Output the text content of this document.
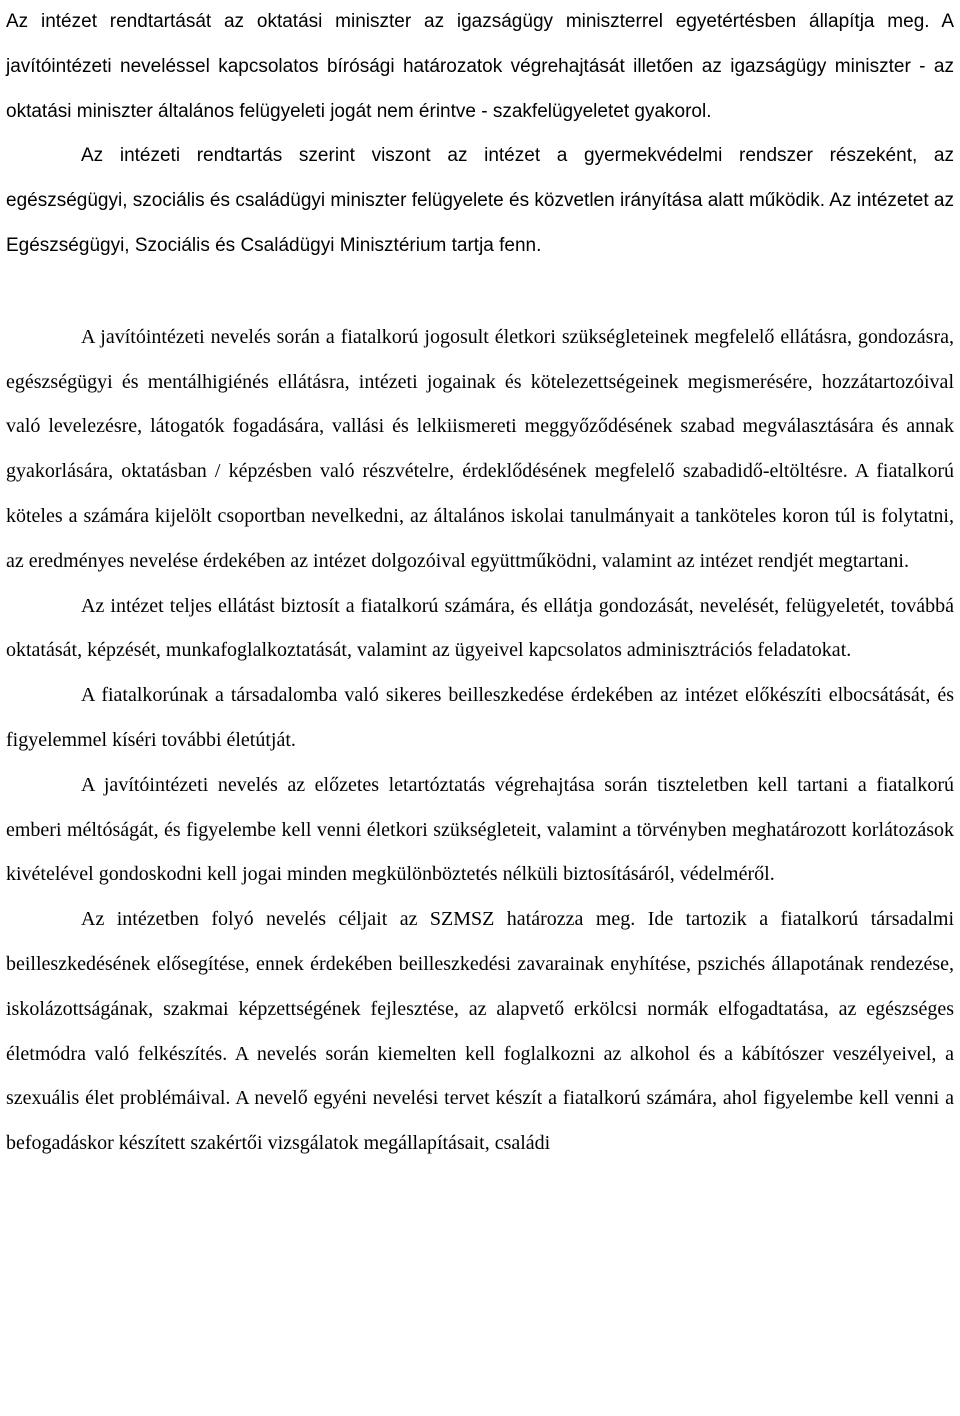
Az intézet rendtartását az oktatási miniszter az igazságügy miniszterrel egyetértésben állapítja meg. A javítóintézeti neveléssel kapcsolatos bírósági határozatok végrehajtását illetően az igazságügy miniszter - az oktatási miniszter általános felügyeleti jogát nem érintve - szakfelügyeletet gyakorol.

Az intézeti rendtartás szerint viszont az intézet a gyermekvédelmi rendszer részeként, az egészségügyi, szociális és családügyi miniszter felügyelete és közvetlen irányítása alatt működik. Az intézetet az Egészségügyi, Szociális és Családügyi Minisztérium tartja fenn.

A javítóintézeti nevelés során a fiatalkorú jogosult életkori szükségleteinek megfelelő ellátásra, gondozásra, egészségügyi és mentálhigiénés ellátásra, intézeti jogainak és kötelezettségeinek megismerésére, hozzátartozóival való levelezésre, látogatók fogadására, vallási és lelkiismereti meggyőződésének szabad megválasztására és annak gyakorlására, oktatásban / képzésben való részvételre, érdeklődésének megfelelő szabadidő-eltöltésre. A fiatalkorú köteles a számára kijelölt csoportban nevelkedni, az általános iskolai tanulmányait a tanköteles koron túl is folytatni, az eredményes nevelése érdekében az intézet dolgozóival együttműködni, valamint az intézet rendjét megtartani.

Az intézet teljes ellátást biztosít a fiatalkorú számára, és ellátja gondozását, nevelését, felügyeletét, továbbá oktatását, képzését, munkafoglalkoztatását, valamint az ügyeivel kapcsolatos adminisztrációs feladatokat.

A fiatalkorúnak a társadalomba való sikeres beilleszkedése érdekében az intézet előkészíti elbocsátását, és figyelemmel kíséri további életútját.

A javítóintézeti nevelés az előzetes letartóztatás végrehajtása során tiszteletben kell tartani a fiatalkorú emberi méltóságát, és figyelembe kell venni életkori szükségleteit, valamint a törvényben meghatározott korlátozások kivételével gondoskodni kell jogai minden megkülönböztetés nélküli biztosításáról, védelméről.

Az intézetben folyó nevelés céljait az SZMSZ határozza meg. Ide tartozik a fiatalkorú társadalmi beilleszkedésének elősegítése, ennek érdekében beilleszkedési zavarainak enyhítése, pszichés állapotának rendezése, iskolázottságának, szakmai képzettségének fejlesztése, az alapvető erkölcsi normák elfogadtatása, az egészséges életmódra való felkészítés. A nevelés során kiemelten kell foglalkozni az alkohol és a kábítószer veszélyeivel, a szexuális élet problémáival. A nevelő egyéni nevelési tervet készít a fiatalkorú számára, ahol figyelembe kell venni a befogadáskor készített szakértői vizsgálatok megállapításait, családi
